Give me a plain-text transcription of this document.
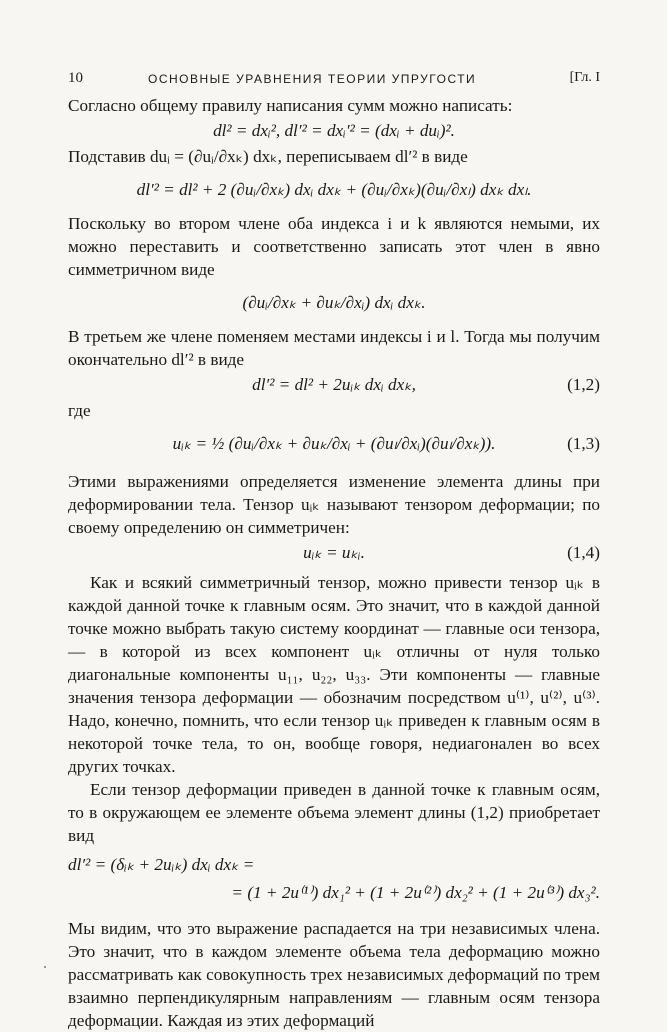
10	ОСНОВНЫЕ УРАВНЕНИЯ ТЕОРИИ УПРУГОСТИ	[Гл. I

Согласно общему правилу написания сумм можно написать:

dl² = dxᵢ², dl′² = dxᵢ′² = (dxᵢ + duᵢ)².

Подставив duᵢ = (∂uᵢ/∂xₖ) dxₖ, переписываем dl′² в виде

dl′² = dl² + 2 (∂uᵢ/∂xₖ) dxᵢ dxₖ + (∂uᵢ/∂xₖ)(∂uᵢ/∂xₗ) dxₖ dxₗ.

Поскольку во втором члене оба индекса i и k являются немыми, их можно переставить и соответственно записать этот член в явно симметричном виде

(∂uᵢ/∂xₖ + ∂uₖ/∂xᵢ) dxᵢ dxₖ.

В третьем же члене поменяем местами индексы i и l. Тогда мы получим окончательно dl′² в виде

dl′² = dl² + 2uᵢₖ dxᵢ dxₖ,	(1,2)

где

uᵢₖ = ½ (∂uᵢ/∂xₖ + ∂uₖ/∂xᵢ + (∂uₗ/∂xᵢ)(∂uₗ/∂xₖ)).	(1,3)

Этими выражениями определяется изменение элемента длины при деформировании тела. Тензор uᵢₖ называют тензором деформации; по своему определению он симметричен:

uᵢₖ = uₖᵢ.	(1,4)

Как и всякий симметричный тензор, можно привести тензор uᵢₖ в каждой данной точке к главным осям. Это значит, что в каждой данной точке можно выбрать такую систему координат — главные оси тензора, — в которой из всех компонент uᵢₖ отличны от нуля только диагональные компоненты u₁₁, u₂₂, u₃₃. Эти компоненты — главные значения тензора деформации — обозначим посредством u⁽¹⁾, u⁽²⁾, u⁽³⁾. Надо, конечно, помнить, что если тензор uᵢₖ приведен к главным осям в некоторой точке тела, то он, вообще говоря, недиагонален во всех других точках.

Если тензор деформации приведен в данной точке к главным осям, то в окружающем ее элементе объема элемент длины (1,2) приобретает вид

dl′² = (δᵢₖ + 2uᵢₖ) dxᵢ dxₖ =
= (1 + 2u⁽¹⁾) dx₁² + (1 + 2u⁽²⁾) dx₂² + (1 + 2u⁽³⁾) dx₃².

Мы видим, что это выражение распадается на три независимых члена. Это значит, что в каждом элементе объема тела деформацию можно рассматривать как совокупность трех независимых деформаций по трем взаимно перпендикулярным направлениям — главным осям тензора деформации. Каждая из этих деформаций
